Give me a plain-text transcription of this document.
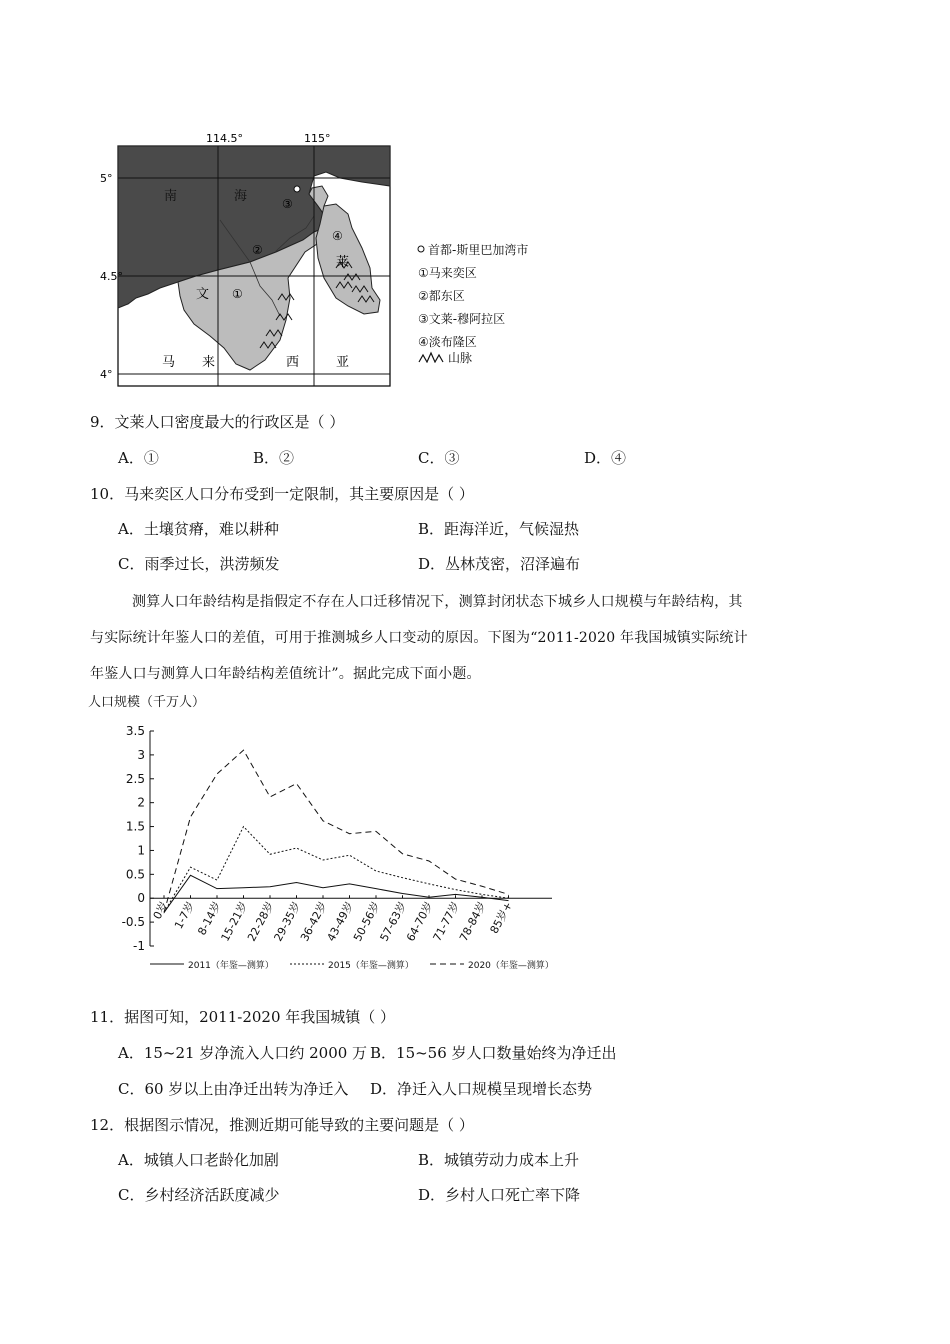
114.5°	115°
5°
4.5°
4°
南	海
文
莱
①
②
③
④
马 来	西	亚
首都-斯里巴加湾市
①马来奕区
②都东区
③文莱-穆阿拉区
④淡布隆区
山脉
9．文莱人口密度最大的行政区是（ ）
A．①	B．②	C．③	D．④
10．马来奕区人口分布受到一定限制，其主要原因是（ ）
A．土壤贫瘠，难以耕种	B．距海洋近，气候湿热
C．雨季过长，洪涝频发	D．丛林茂密，沼泽遍布
测算人口年龄结构是指假定不存在人口迁移情况下，测算封闭状态下城乡人口规模与年龄结构，其
与实际统计年鉴人口的差值，可用于推测城乡人口变动的原因。下图为“2011-2020 年我国城镇实际统计
年鉴人口与测算人口年龄结构差值统计”。据此完成下面小题。
人口规模（千万人）
3.5
3
2.5
2
1.5
1
0.5
0
-0.5
-1
0岁 1-7岁
8-14岁
15-21岁
22-28岁
29-35岁
36-42岁
43-49岁
50-56岁
57-63岁
64-70岁
71-77岁
78-84岁
85岁+
2011（年鉴—测算）	2015（年鉴—测算）	2020（年鉴—测算）
11．据图可知，2011-2020 年我国城镇（ ）
A．15~21 岁净流入人口约 2000 万 B．15~56 岁人口数量始终为净迁出
C．60 岁以上由净迁出转为净迁入 D．净迁入人口规模呈现增长态势
12．根据图示情况，推测近期可能导致的主要问题是（ ）
A．城镇人口老龄化加剧	B．城镇劳动力成本上升
C．乡村经济活跃度减少	D．乡村人口死亡率下降
